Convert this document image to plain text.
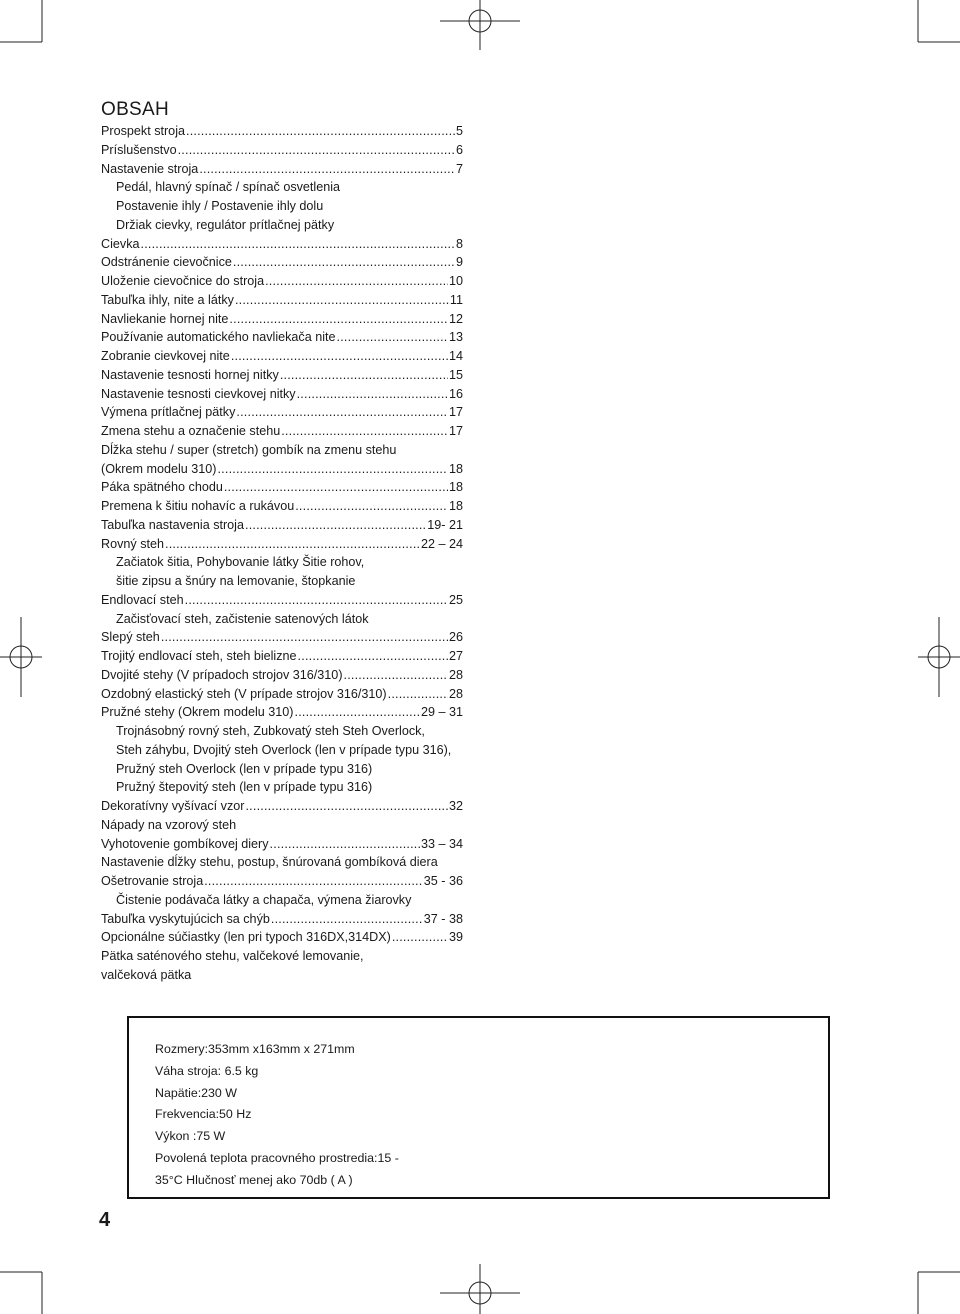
OBSAH
Prospekt stroja .....	5
Príslušenstvo .....	6
Nastavenie stroja .....	7
Pedál, hlavný spínač / spínač osvetlenia
Postavenie ihly / Postavenie ihly dolu
Držiak cievky, regulátor prítlačnej pätky
Cievka .....	8
Odstránenie cievočnice .....	9
Uloženie cievočnice do stroja .....	10
Tabuľka ihly, nite a látky .....	11
Navliekanie hornej nite .....	12
Používanie automatického navliekača nite .....	13
Zobranie cievkovej nite .....	14
Nastavenie tesnosti hornej nitky .....	15
Nastavenie tesnosti cievkovej nitky .....	16
Výmena prítlačnej pätky .....	17
Zmena stehu a označenie stehu .....	17
Dĺžka stehu / super (stretch) gombík na zmenu stehu
(Okrem modelu 310) .....	18
Páka spätného chodu .....	18
Premena k šitiu nohavíc a rukávou .....	18
Tabuľka nastavenia stroja .....	19- 21
Rovný steh .....	22 – 24
Začiatok šitia, Pohybovanie látky Šitie rohov,
šitie zipsu a šnúry na lemovanie, štopkanie
Endlovací steh .....	25
Začisťovací steh, začistenie satenových látok
Slepý steh .....	26
Trojitý endlovací steh, steh bielizne .....	27
Dvojité stehy (V prípadoch strojov 316/310) .....	28
Ozdobný elastický steh (V prípade strojov 316/310) .....	28
Pružné stehy (Okrem modelu 310) .....	29 – 31
Trojnásobný rovný steh, Zubkovatý steh Steh Overlock,
Steh záhybu, Dvojitý steh Overlock (len v prípade typu 316),
Pružný steh Overlock (len v prípade typu 316)
Pružný štepovitý steh (len v prípade typu 316)
Dekoratívny vyšívací vzor .....	32
Nápady na vzorový steh
Vyhotovenie gombíkovej diery .....	33 – 34
Nastavenie dĺžky stehu, postup, šnúrovaná gombíková diera
Ošetrovanie stroja .....	35 - 36
Čistenie podávača látky a chapača, výmena žiarovky
Tabuľka vyskytujúcich sa chýb .....	37 - 38
Opcionálne súčiastky (len pri typoch 316DX,314DX) .....	39
Pätka saténového stehu, valčekové lemovanie,
valčeková pätka
Rozmery:353mm x163mm x 271mm
Váha stroja: 6.5 kg
Napätie:230 W
Frekvencia:50 Hz
Výkon :75 W
Povolená teplota pracovného prostredia:15 -
35°C Hlučnosť menej ako 70db ( A )
4
